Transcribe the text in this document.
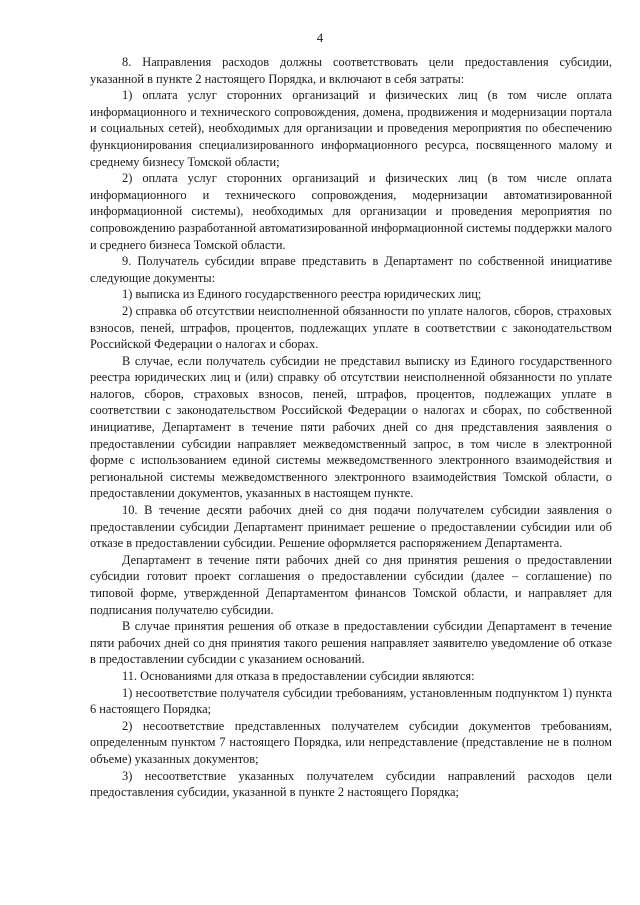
4

8. Направления расходов должны соответствовать цели предоставления субсидии, указанной в пункте 2 настоящего Порядка, и включают в себя затраты:

1) оплата услуг сторонних организаций и физических лиц (в том числе оплата информационного и технического сопровождения, домена, продвижения и модернизации портала и социальных сетей), необходимых для организации и проведения мероприятия по обеспечению функционирования специализированного информационного ресурса, посвященного малому и среднему бизнесу Томской области;

2) оплата услуг сторонних организаций и физических лиц (в том числе оплата информационного и технического сопровождения, модернизации автоматизированной информационной системы), необходимых для организации и проведения мероприятия по сопровождению разработанной автоматизированной информационной системы поддержки малого и среднего бизнеса Томской области.

9. Получатель субсидии вправе представить в Департамент по собственной инициативе следующие документы:

1) выписка из Единого государственного реестра юридических лиц;

2) справка об отсутствии неисполненной обязанности по уплате налогов, сборов, страховых взносов, пеней, штрафов, процентов, подлежащих уплате в соответствии с законодательством Российской Федерации о налогах и сборах.

В случае, если получатель субсидии не представил выписку из Единого государственного реестра юридических лиц и (или) справку об отсутствии неисполненной обязанности по уплате налогов, сборов, страховых взносов, пеней, штрафов, процентов, подлежащих уплате в соответствии с законодательством Российской Федерации о налогах и сборах, по собственной инициативе, Департамент в течение пяти рабочих дней со дня представления заявления о предоставлении субсидии направляет межведомственный запрос, в том числе в электронной форме с использованием единой системы межведомственного электронного взаимодействия и региональной системы межведомственного электронного взаимодействия Томской области, о предоставлении документов, указанных в настоящем пункте.

10. В течение десяти рабочих дней со дня подачи получателем субсидии заявления о предоставлении субсидии Департамент принимает решение о предоставлении субсидии или об отказе в предоставлении субсидии. Решение оформляется распоряжением Департамента.

Департамент в течение пяти рабочих дней со дня принятия решения о предоставлении субсидии готовит проект соглашения о предоставлении субсидии (далее – соглашение) по типовой форме, утвержденной Департаментом финансов Томской области, и направляет для подписания получателю субсидии.

В случае принятия решения об отказе в предоставлении субсидии Департамент в течение пяти рабочих дней со дня принятия такого решения направляет заявителю уведомление об отказе в предоставлении субсидии с указанием оснований.

11. Основаниями для отказа в предоставлении субсидии являются:

1) несоответствие получателя субсидии требованиям, установленным подпунктом 1) пункта 6 настоящего Порядка;

2) несоответствие представленных получателем субсидии документов требованиям, определенным пунктом 7 настоящего Порядка, или непредставление (представление не в полном объеме) указанных документов;

3) несоответствие указанных получателем субсидии направлений расходов цели предоставления субсидии, указанной в пункте 2 настоящего Порядка;
